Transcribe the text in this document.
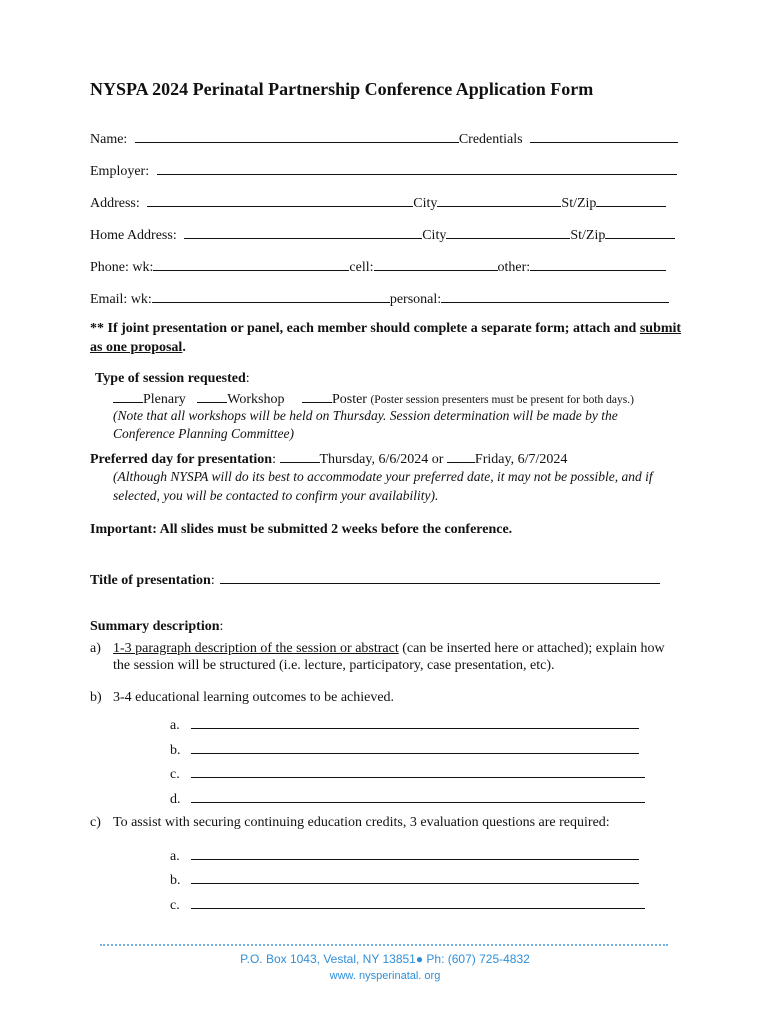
NYSPA 2024 Perinatal Partnership Conference Application Form
Name:	Credentials
Employer:
Address:	City	St/Zip
Home Address:	City	St/Zip
Phone: wk:	cell:	other:
Email: wk:	personal:
** If joint presentation or panel, each member should complete a separate form; attach and submit
as one proposal.
Type of session requested:
Plenary	Workshop	Poster (Poster session presenters must be present for both days.)
(Note that all workshops will be held on Thursday. Session determination will be made by the
Conference Planning Committee)
Preferred day for presentation:	Thursday, 6/6/2024 or Friday, 6/7/2024
(Although NYSPA will do its best to accommodate your preferred date, it may not be possible, and if
selected, you will be contacted to confirm your availability).
Important: All slides must be submitted 2 weeks before the conference.
Title of presentation:
Summary description:
a) 1-3 paragraph description of the session or abstract (can be inserted here or attached); explain how
the session will be structured (i.e. lecture, participatory, case presentation, etc).
b) 3-4 educational learning outcomes to be achieved.
a.
b.
c.
d.
c) To assist with securing continuing education credits, 3 evaluation questions are required:
a.
b.
c.
P.O. Box 1043, Vestal, NY 13851● Ph: (607) 725-4832
www. nysperinatal. org
